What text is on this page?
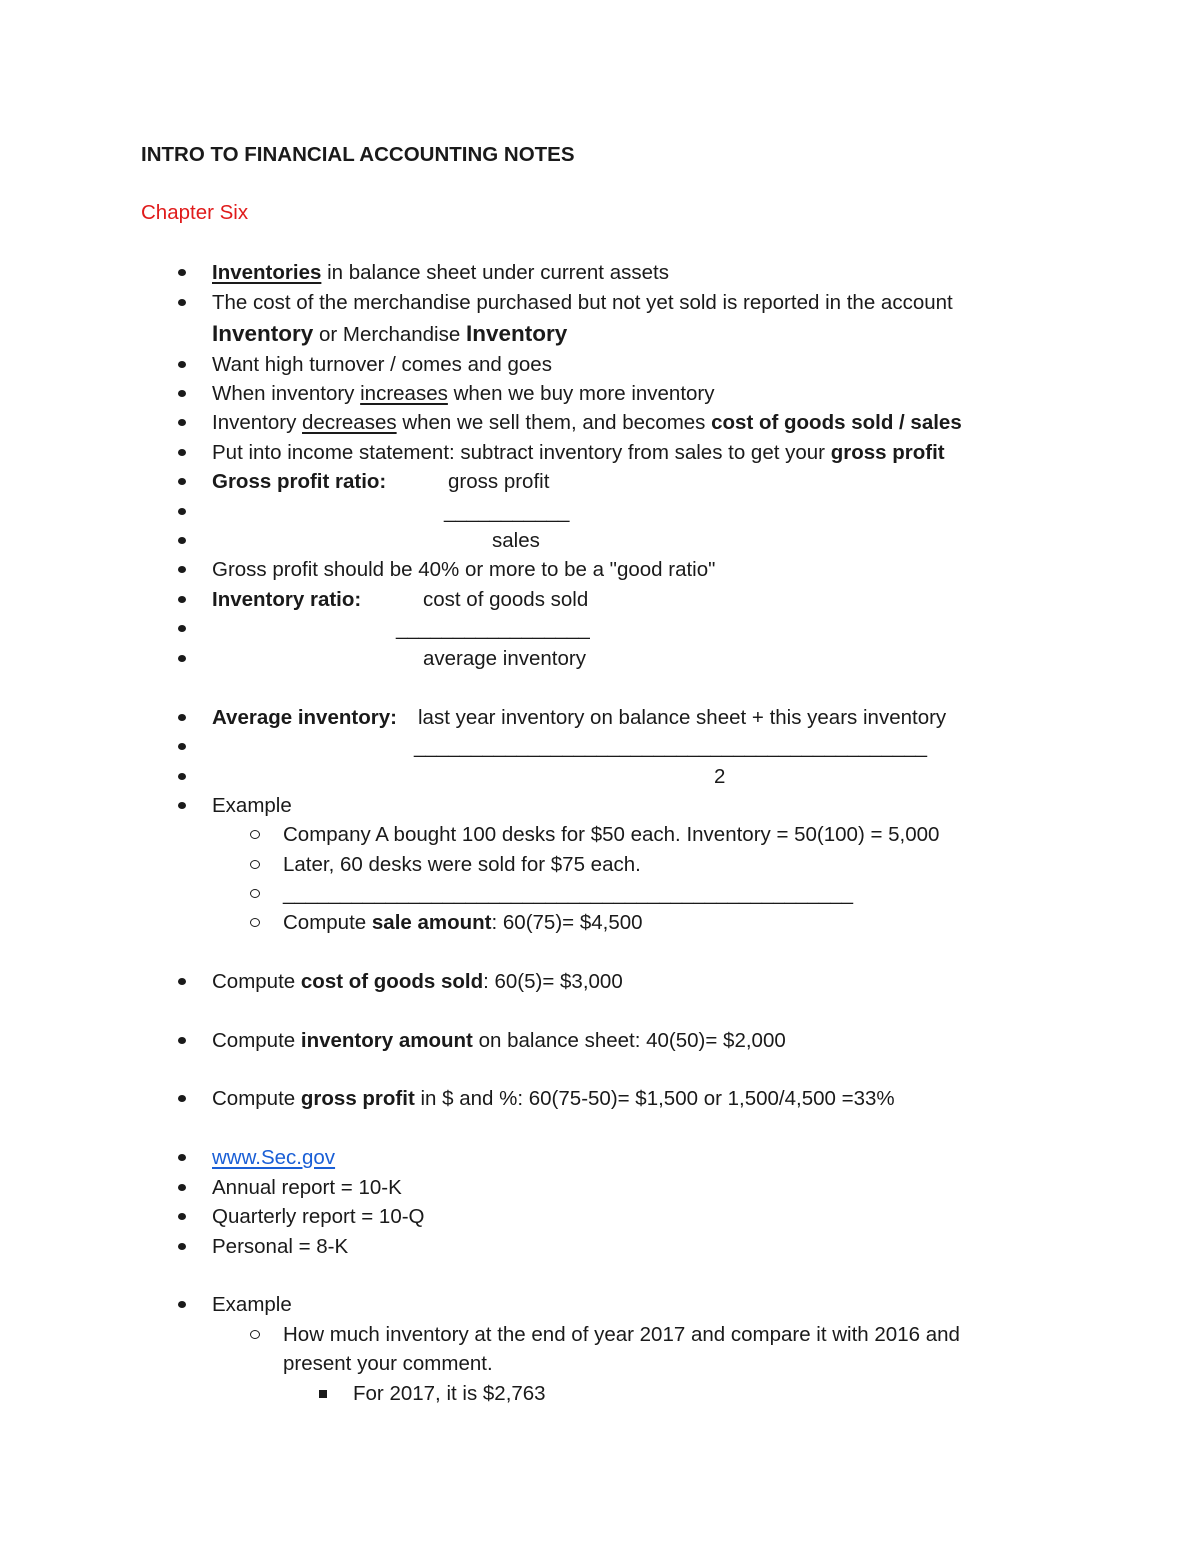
INTRO TO FINANCIAL ACCOUNTING NOTES
Chapter Six
Inventories in balance sheet under current assets
The cost of the merchandise purchased but not yet sold is reported in the account
Inventory or Merchandise Inventory
Want high turnover / comes and goes
When inventory increases when we buy more inventory
Inventory decreases when we sell them, and becomes cost of goods sold / sales
Put into income statement: subtract inventory from sales to get your gross profit
Gross profit ratio:	gross profit
___________
sales
Gross profit should be 40% or more to be a "good ratio"
Inventory ratio:	cost of goods sold
_________________
average inventory
Average inventory: last year inventory on balance sheet + this years inventory
_____________________________________________
2
Example
Company A bought 100 desks for $50 each. Inventory = 50(100) = 5,000
Later, 60 desks were sold for $75 each.
__________________________________________________
Compute sale amount: 60(75)= $4,500
Compute cost of goods sold: 60(5)= $3,000
Compute inventory amount on balance sheet: 40(50)= $2,000
Compute gross profit in $ and %: 60(75-50)= $1,500 or 1,500/4,500 =33%
www.Sec.gov
Annual report = 10-K
Quarterly report = 10-Q
Personal = 8-K
Example
How much inventory at the end of year 2017 and compare it with 2016 and
present your comment.
For 2017, it is $2,763
